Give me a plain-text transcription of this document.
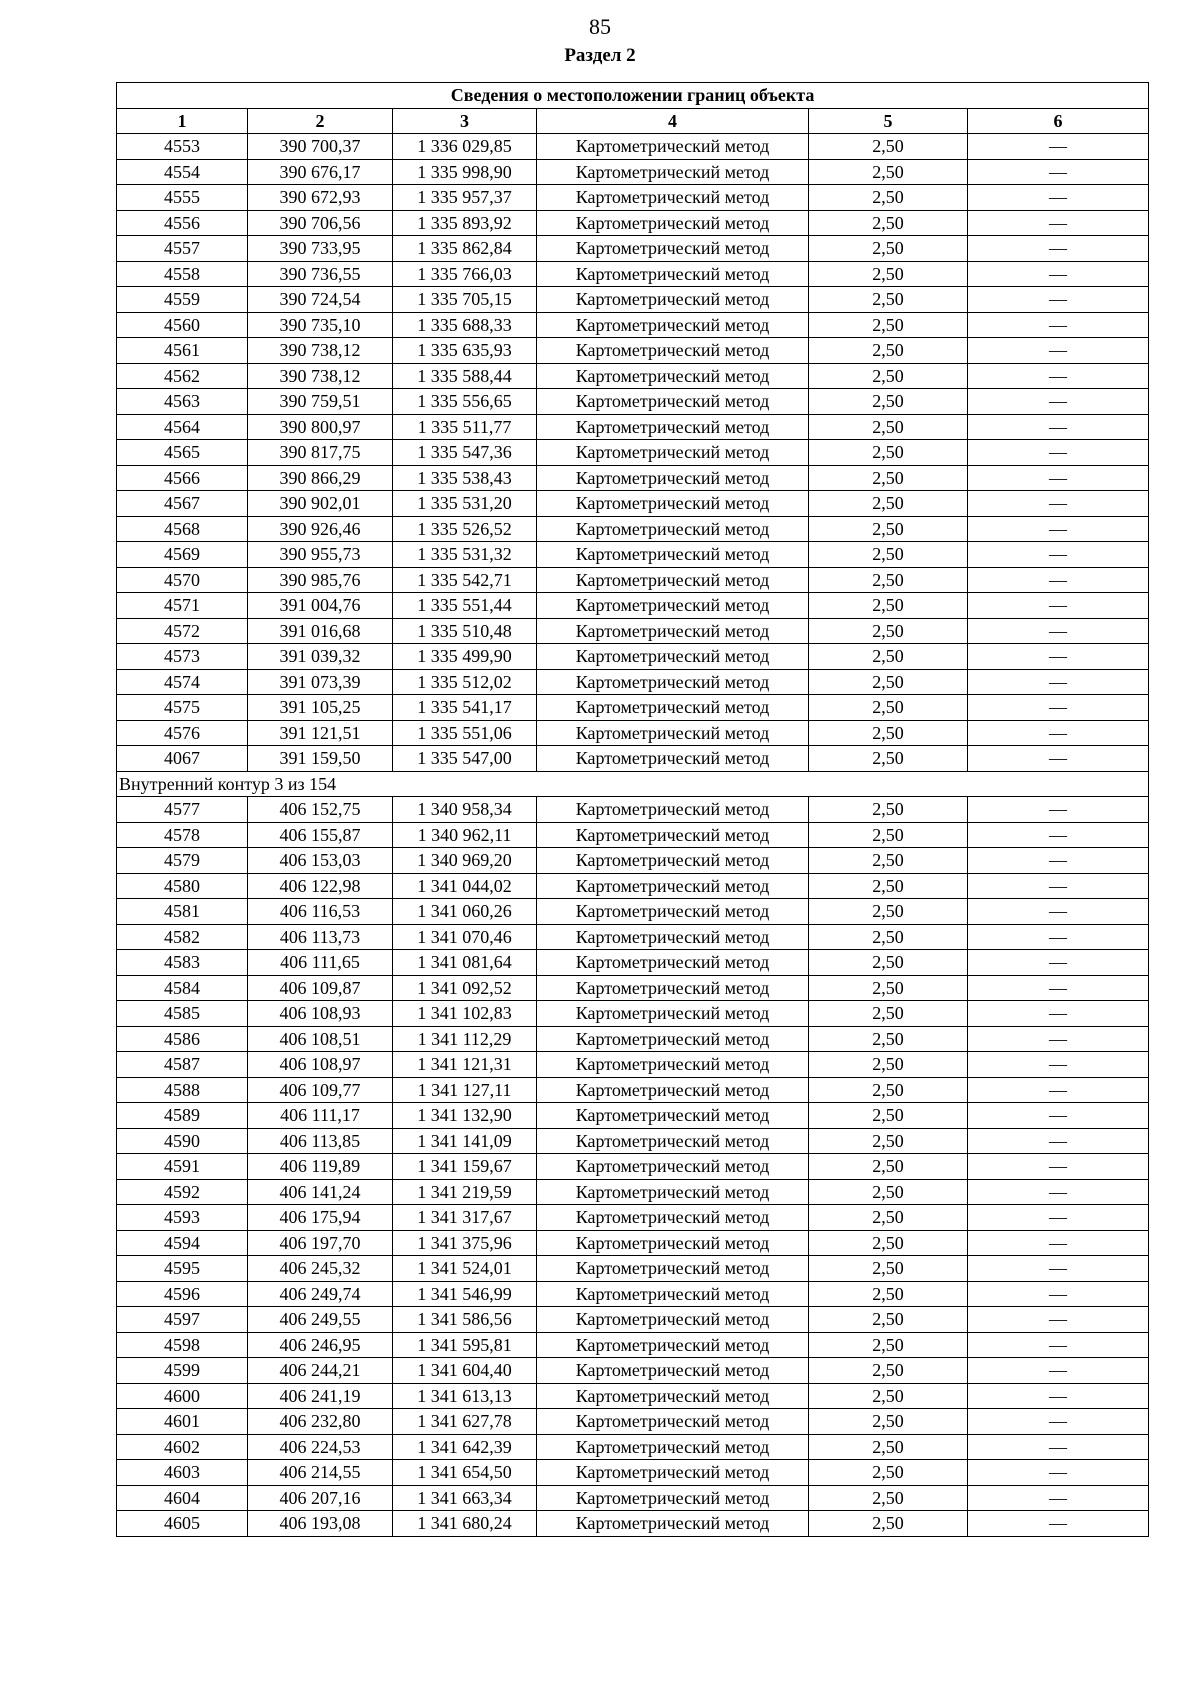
85
Раздел 2
Сведения о местоположении границ объекта					
1	2	3	4	5	6
4553	390 700,37	1 336 029,85	Картометрический метод	2,50	—
4554	390 676,17	1 335 998,90	Картометрический метод	2,50	—
4555	390 672,93	1 335 957,37	Картометрический метод	2,50	—
4556	390 706,56	1 335 893,92	Картометрический метод	2,50	—
4557	390 733,95	1 335 862,84	Картометрический метод	2,50	—
4558	390 736,55	1 335 766,03	Картометрический метод	2,50	—
4559	390 724,54	1 335 705,15	Картометрический метод	2,50	—
4560	390 735,10	1 335 688,33	Картометрический метод	2,50	—
4561	390 738,12	1 335 635,93	Картометрический метод	2,50	—
4562	390 738,12	1 335 588,44	Картометрический метод	2,50	—
4563	390 759,51	1 335 556,65	Картометрический метод	2,50	—
4564	390 800,97	1 335 511,77	Картометрический метод	2,50	—
4565	390 817,75	1 335 547,36	Картометрический метод	2,50	—
4566	390 866,29	1 335 538,43	Картометрический метод	2,50	—
4567	390 902,01	1 335 531,20	Картометрический метод	2,50	—
4568	390 926,46	1 335 526,52	Картометрический метод	2,50	—
4569	390 955,73	1 335 531,32	Картометрический метод	2,50	—
4570	390 985,76	1 335 542,71	Картометрический метод	2,50	—
4571	391 004,76	1 335 551,44	Картометрический метод	2,50	—
4572	391 016,68	1 335 510,48	Картометрический метод	2,50	—
4573	391 039,32	1 335 499,90	Картометрический метод	2,50	—
4574	391 073,39	1 335 512,02	Картометрический метод	2,50	—
4575	391 105,25	1 335 541,17	Картометрический метод	2,50	—
4576	391 121,51	1 335 551,06	Картометрический метод	2,50	—
4067	391 159,50	1 335 547,00	Картометрический метод	2,50	—
Внутренний контур 3 из 154					
4577	406 152,75	1 340 958,34	Картометрический метод	2,50	—
4578	406 155,87	1 340 962,11	Картометрический метод	2,50	—
4579	406 153,03	1 340 969,20	Картометрический метод	2,50	—
4580	406 122,98	1 341 044,02	Картометрический метод	2,50	—
4581	406 116,53	1 341 060,26	Картометрический метод	2,50	—
4582	406 113,73	1 341 070,46	Картометрический метод	2,50	—
4583	406 111,65	1 341 081,64	Картометрический метод	2,50	—
4584	406 109,87	1 341 092,52	Картометрический метод	2,50	—
4585	406 108,93	1 341 102,83	Картометрический метод	2,50	—
4586	406 108,51	1 341 112,29	Картометрический метод	2,50	—
4587	406 108,97	1 341 121,31	Картометрический метод	2,50	—
4588	406 109,77	1 341 127,11	Картометрический метод	2,50	—
4589	406 111,17	1 341 132,90	Картометрический метод	2,50	—
4590	406 113,85	1 341 141,09	Картометрический метод	2,50	—
4591	406 119,89	1 341 159,67	Картометрический метод	2,50	—
4592	406 141,24	1 341 219,59	Картометрический метод	2,50	—
4593	406 175,94	1 341 317,67	Картометрический метод	2,50	—
4594	406 197,70	1 341 375,96	Картометрический метод	2,50	—
4595	406 245,32	1 341 524,01	Картометрический метод	2,50	—
4596	406 249,74	1 341 546,99	Картометрический метод	2,50	—
4597	406 249,55	1 341 586,56	Картометрический метод	2,50	—
4598	406 246,95	1 341 595,81	Картометрический метод	2,50	—
4599	406 244,21	1 341 604,40	Картометрический метод	2,50	—
4600	406 241,19	1 341 613,13	Картометрический метод	2,50	—
4601	406 232,80	1 341 627,78	Картометрический метод	2,50	—
4602	406 224,53	1 341 642,39	Картометрический метод	2,50	—
4603	406 214,55	1 341 654,50	Картометрический метод	2,50	—
4604	406 207,16	1 341 663,34	Картометрический метод	2,50	—
4605	406 193,08	1 341 680,24	Картометрический метод	2,50	—
